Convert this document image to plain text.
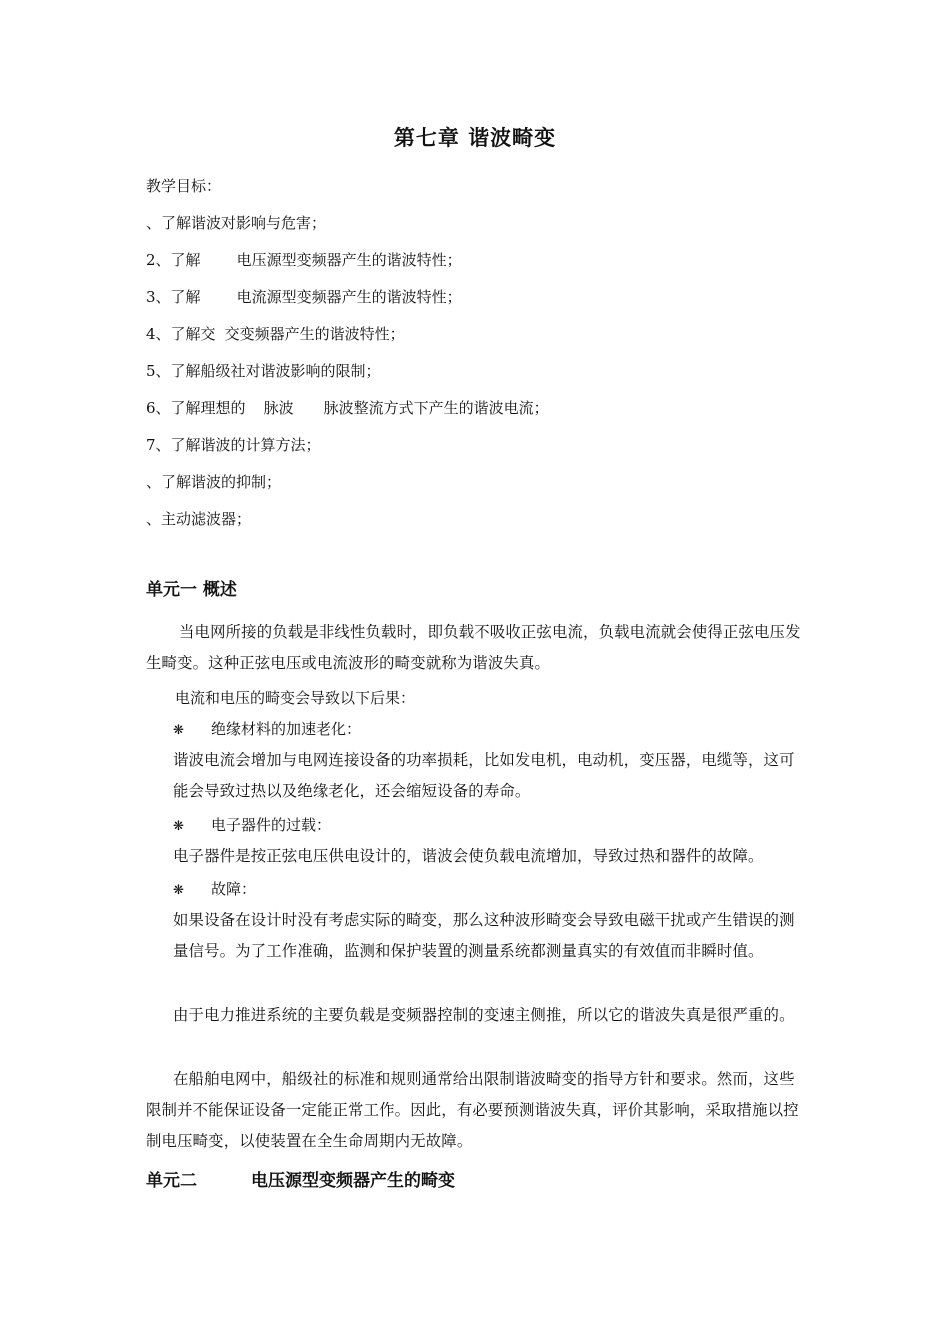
第七章 谐波畸变
教学目标：
、了解谐波对影响与危害；
2、了解 电压源型变频器产生的谐波特性；
3、了解 电流源型变频器产生的谐波特性；
4、了解交 交变频器产生的谐波特性；
5、了解船级社对谐波影响的限制；
6、了解理想的 脉波 脉波整流方式下产生的谐波电流；
7、了解谐波的计算方法；
、了解谐波的抑制；
、主动滤波器；
单元一 概述
当电网所接的负载是非线性负载时，即负载不吸收正弦电流，负载电流就会使得正弦电压发生畸变。这种正弦电压或电流波形的畸变就称为谐波失真。
电流和电压的畸变会导致以下后果：
❋ 绝缘材料的加速老化：
谐波电流会增加与电网连接设备的功率损耗，比如发电机，电动机，变压器，电缆等，这可能会导致过热以及绝缘老化，还会缩短设备的寿命。
❋ 电子器件的过载：
电子器件是按正弦电压供电设计的，谐波会使负载电流增加，导致过热和器件的故障。
❋ 故障：
如果设备在设计时没有考虑实际的畸变，那么这种波形畸变会导致电磁干扰或产生错误的测量信号。为了工作准确，监测和保护装置的测量系统都测量真实的有效值而非瞬时值。
由于电力推进系统的主要负载是变频器控制的变速主侧推，所以它的谐波失真是很严重的。
在船舶电网中，船级社的标准和规则通常给出限制谐波畸变的指导方针和要求。然而，这些限制并不能保证设备一定能正常工作。因此，有必要预测谐波失真，评价其影响，采取措施以控制电压畸变，以使装置在全生命周期内无故障。
单元二	电压源型变频器产生的畸变
